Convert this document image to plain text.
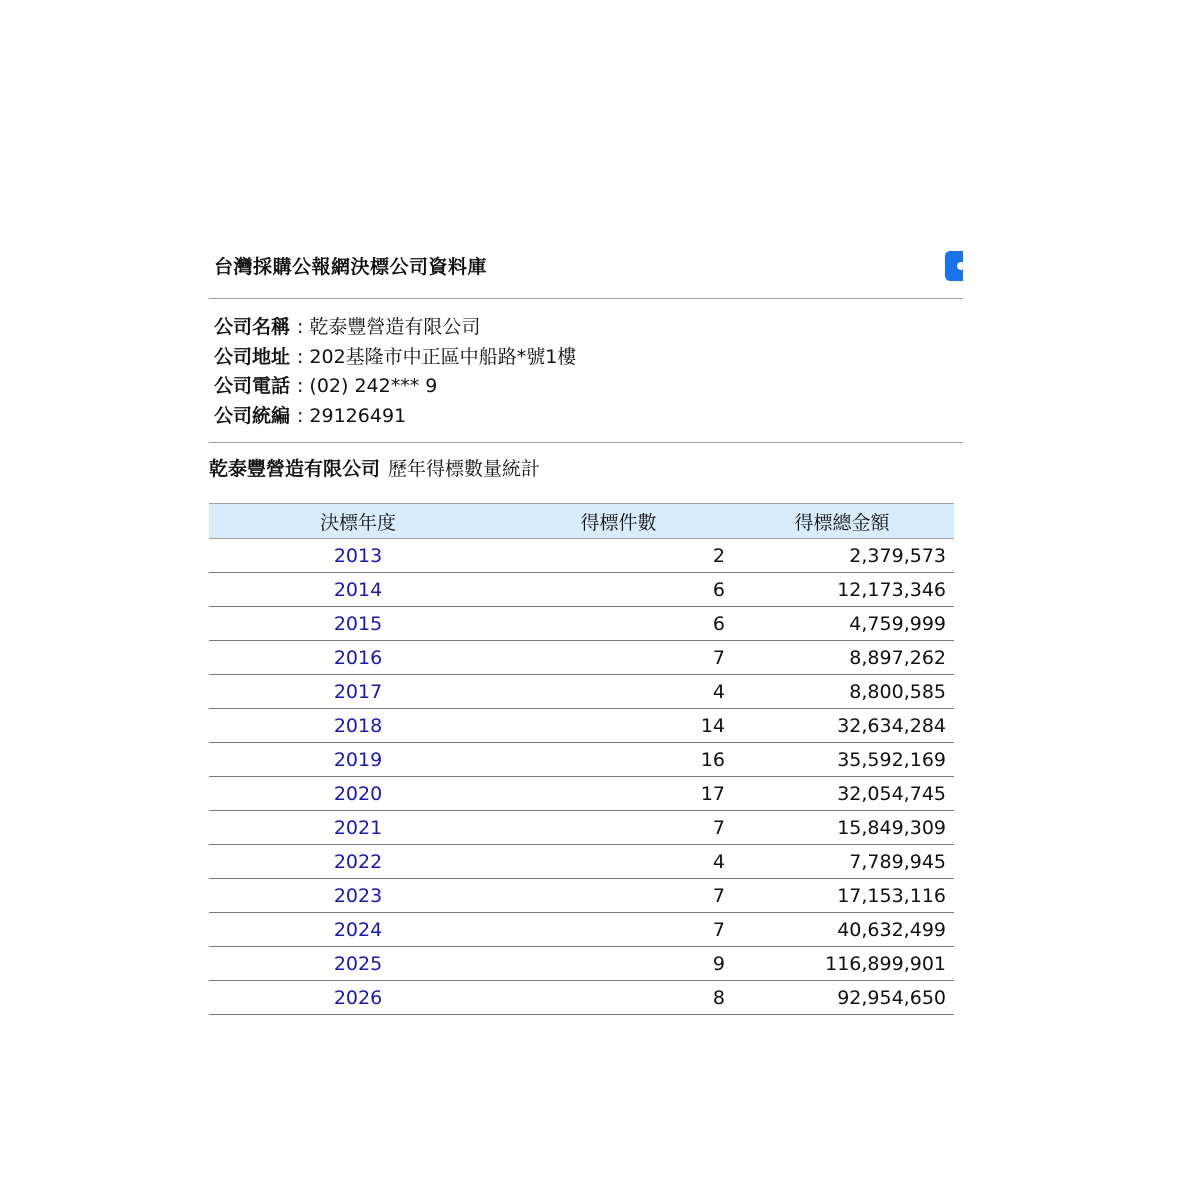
台灣採購公報網決標公司資料庫
公司名稱 : 乾泰豐營造有限公司
公司地址 : 202基隆市中正區中船路*號1樓
公司電話 : (02) 242*** 9
公司統編 : 29126491
乾泰豐營造有限公司 歷年得標數量統計
決標年度	得標件數	得標總金額
2013	2	2,379,573
2014	6	12,173,346
2015	6	4,759,999
2016	7	8,897,262
2017	4	8,800,585
2018	14	32,634,284
2019	16	35,592,169
2020	17	32,054,745
2021	7	15,849,309
2022	4	7,789,945
2023	7	17,153,116
2024	7	40,632,499
2025	9	116,899,901
2026	8	92,954,650
